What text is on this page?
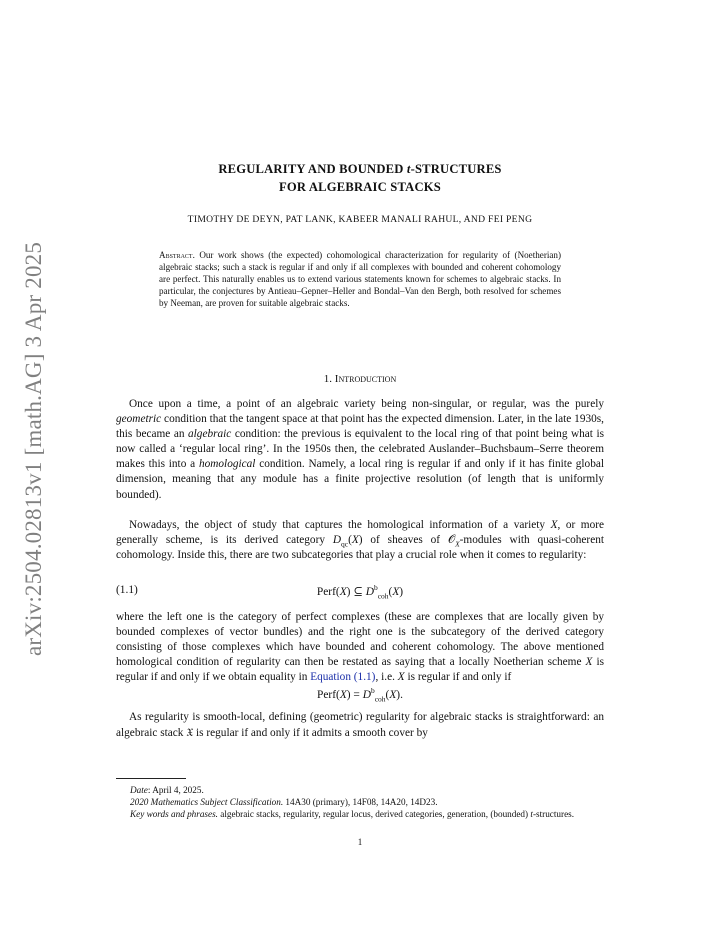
arXiv:2504.02813v1 [math.AG] 3 Apr 2025
REGULARITY AND BOUNDED t-STRUCTURES
FOR ALGEBRAIC STACKS
TIMOTHY DE DEYN, PAT LANK, KABEER MANALI RAHUL, AND FEI PENG
Abstract. Our work shows (the expected) cohomological characterization for regularity of (Noetherian) algebraic stacks; such a stack is regular if and only if all complexes with bounded and coherent cohomology are perfect. This naturally enables us to extend various statements known for schemes to algebraic stacks. In particular, the conjectures by Antieau–Gepner–Heller and Bondal–Van den Bergh, both resolved for schemes by Neeman, are proven for suitable algebraic stacks.
1. Introduction

Once upon a time, a point of an algebraic variety being non-singular, or regular, was the purely geometric condition that the tangent space at that point has the expected dimension. Later, in the late 1930s, this became an algebraic condition: the previous is equivalent to the local ring of that point being what is now called a ‘regular local ring’. In the 1950s then, the celebrated Auslander–Buchsbaum–Serre theorem makes this into a homological condition. Namely, a local ring is regular if and only if it has finite global dimension, meaning that any module has a finite projective resolution (of length that is uniformly bounded).

Nowadays, the object of study that captures the homological information of a variety X, or more generally scheme, is its derived category $D_{qc}(X)$ of sheaves of 𝒪$_X$-modules with quasi-coherent cohomology. Inside this, there are two subcategories that play a crucial role when it comes to regularity:

(1.1)	Perf(X) ⊆ $D^b_{coh}(X)$

where the left one is the category of perfect complexes (these are complexes that are locally given by bounded complexes of vector bundles) and the right one is the subcategory of the derived category consisting of those complexes which have bounded and coherent cohomology. The above mentioned homological condition of regularity can then be restated as saying that a locally Noetherian scheme X is regular if and only if we obtain equality in Equation (1.1), i.e. X is regular if and only if

Perf(X) = $D^b_{coh}(X)$.

As regularity is smooth-local, defining (geometric) regularity for algebraic stacks is straightforward: an algebraic stack 𝔛 is regular if and only if it admits a smooth cover by

Date: April 4, 2025.
2020 Mathematics Subject Classification. 14A30 (primary), 14F08, 14A20, 14D23.
Key words and phrases. algebraic stacks, regularity, regular locus, derived categories, generation, (bounded) t-structures.
1
